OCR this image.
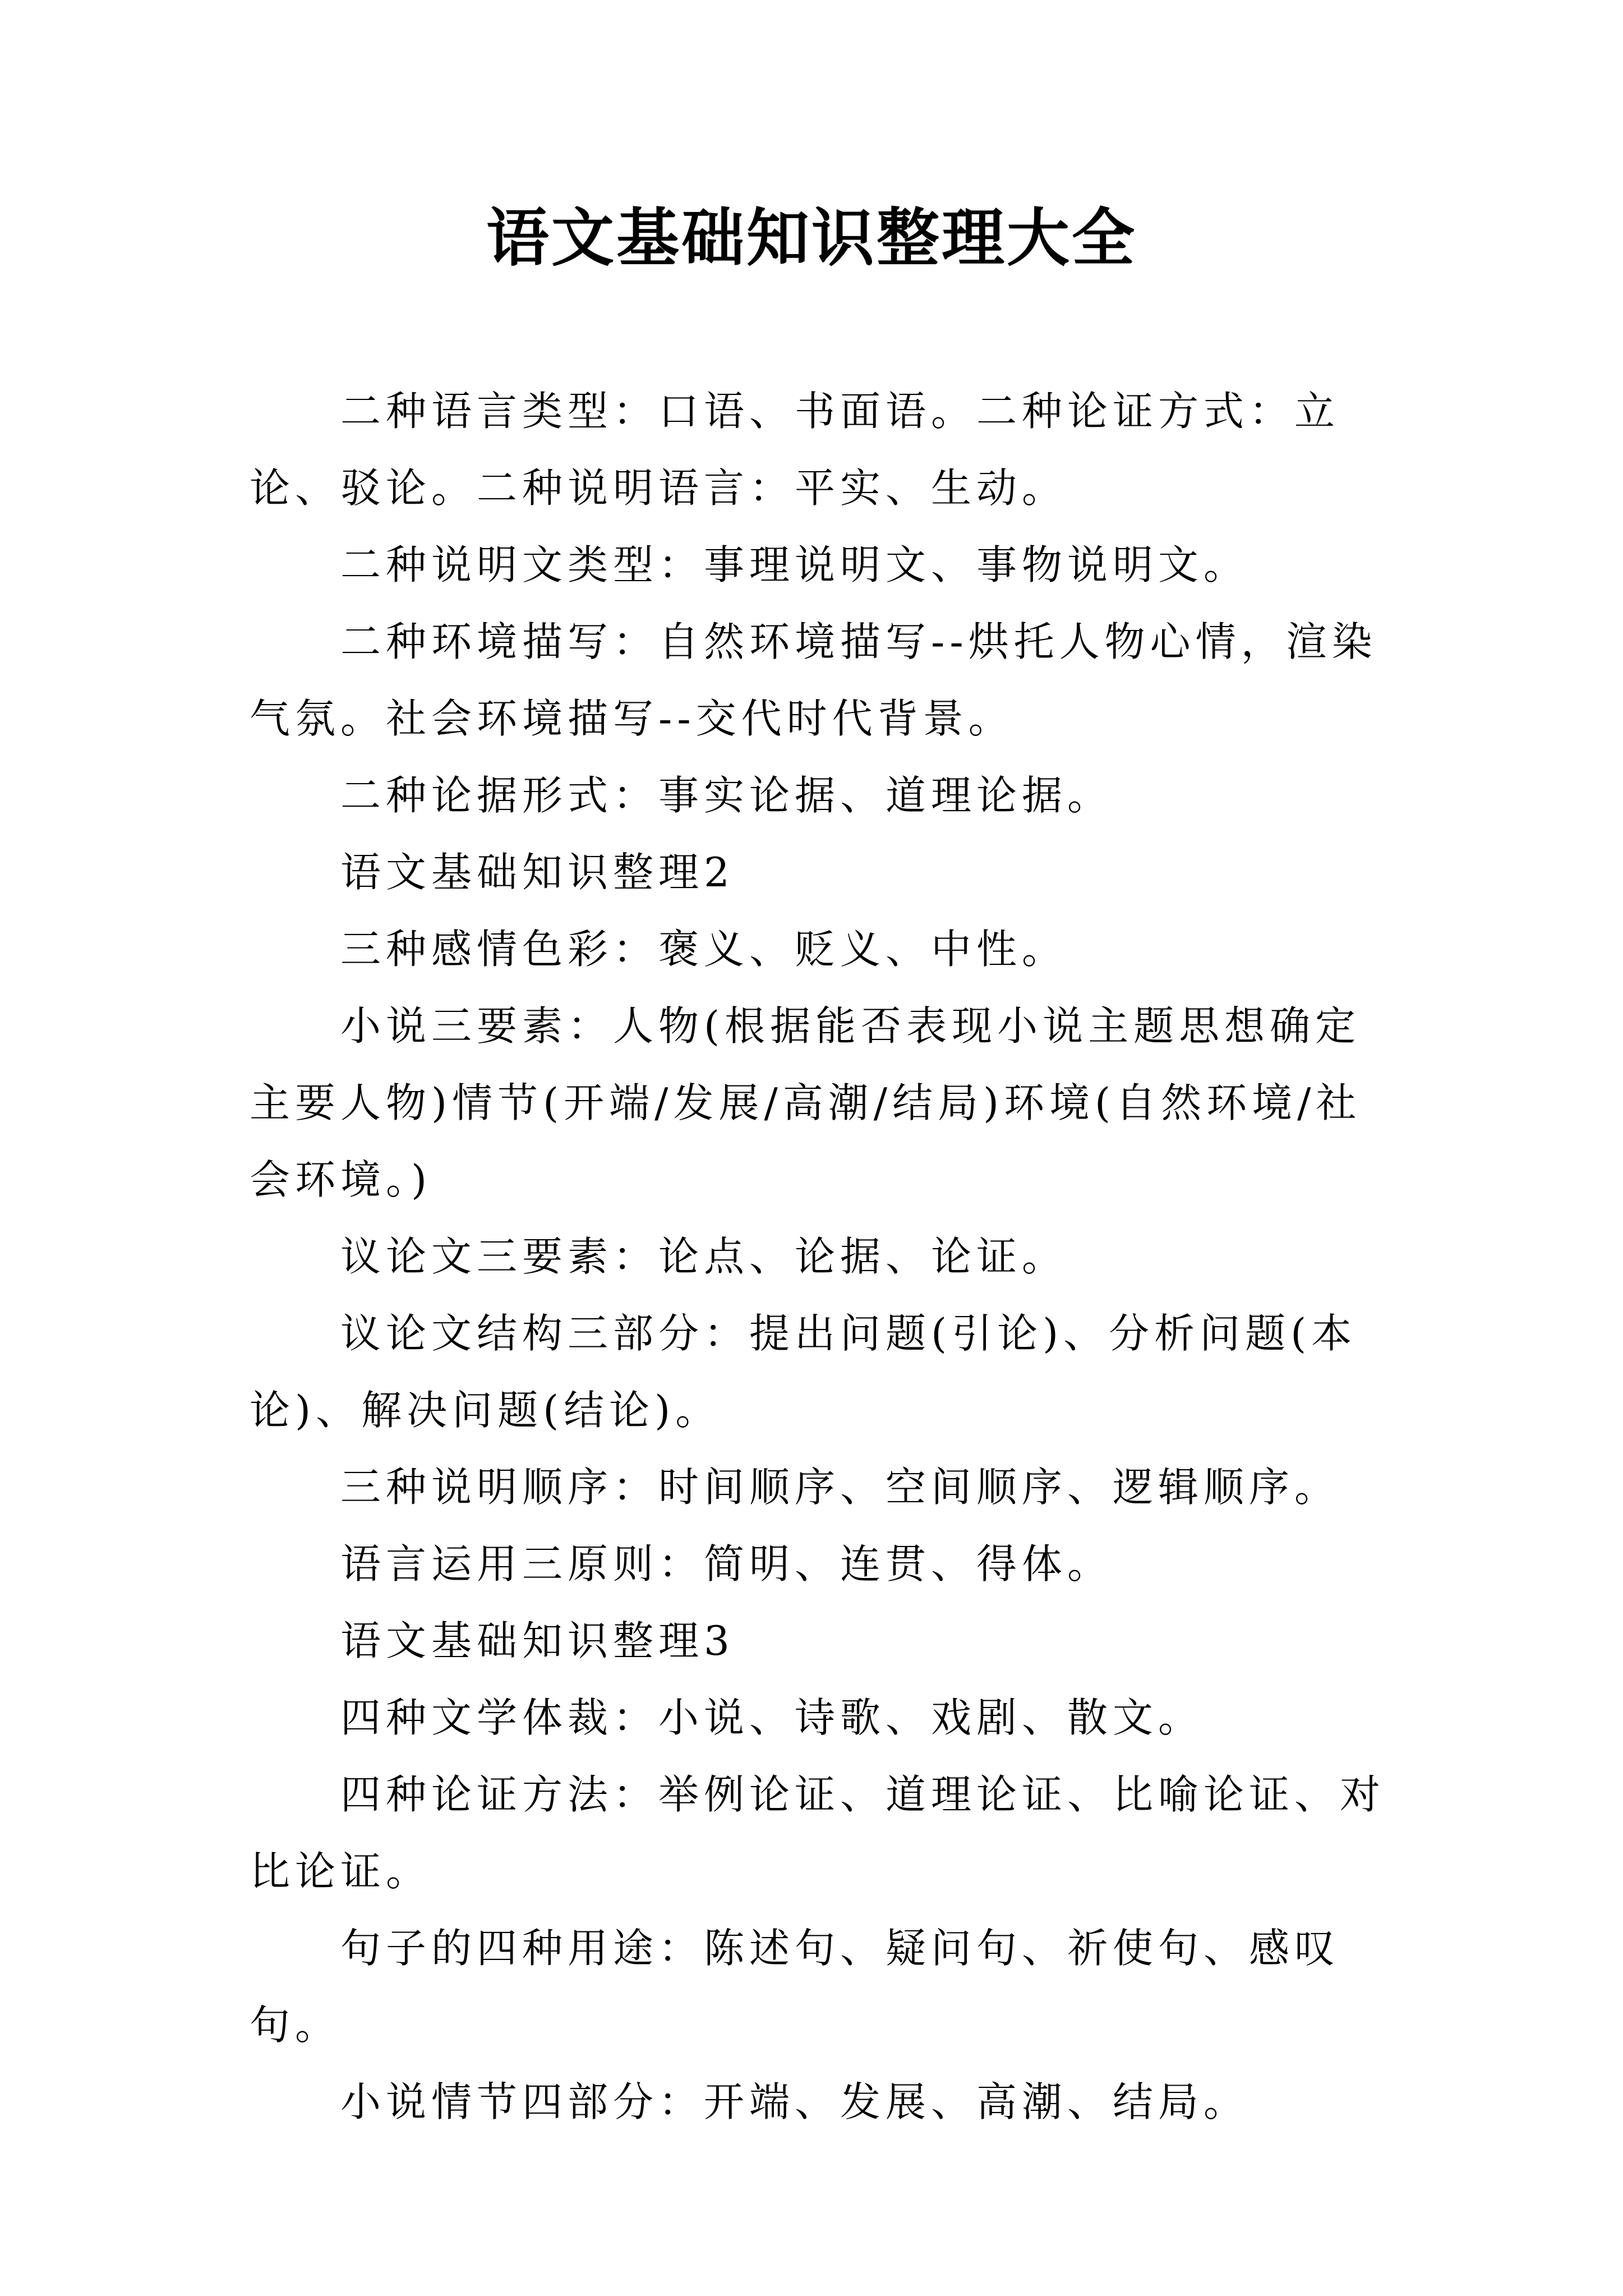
语文基础知识整理大全

二种语言类型：口语、书面语。二种论证方式：立论、驳论。二种说明语言：平实、生动。

二种说明文类型：事理说明文、事物说明文。

二种环境描写：自然环境描写--烘托人物心情，渲染气氛。社会环境描写--交代时代背景。

二种论据形式：事实论据、道理论据。

语文基础知识整理2

三种感情色彩：褒义、贬义、中性。

小说三要素：人物(根据能否表现小说主题思想确定主要人物)情节(开端/发展/高潮/结局)环境(自然环境/社会环境。)

议论文三要素：论点、论据、论证。

议论文结构三部分：提出问题(引论)、分析问题(本论)、解决问题(结论)。

三种说明顺序：时间顺序、空间顺序、逻辑顺序。

语言运用三原则：简明、连贯、得体。

语文基础知识整理3

四种文学体裁：小说、诗歌、戏剧、散文。

四种论证方法：举例论证、道理论证、比喻论证、对比论证。

句子的四种用途：陈述句、疑问句、祈使句、感叹句。

小说情节四部分：开端、发展、高潮、结局。
